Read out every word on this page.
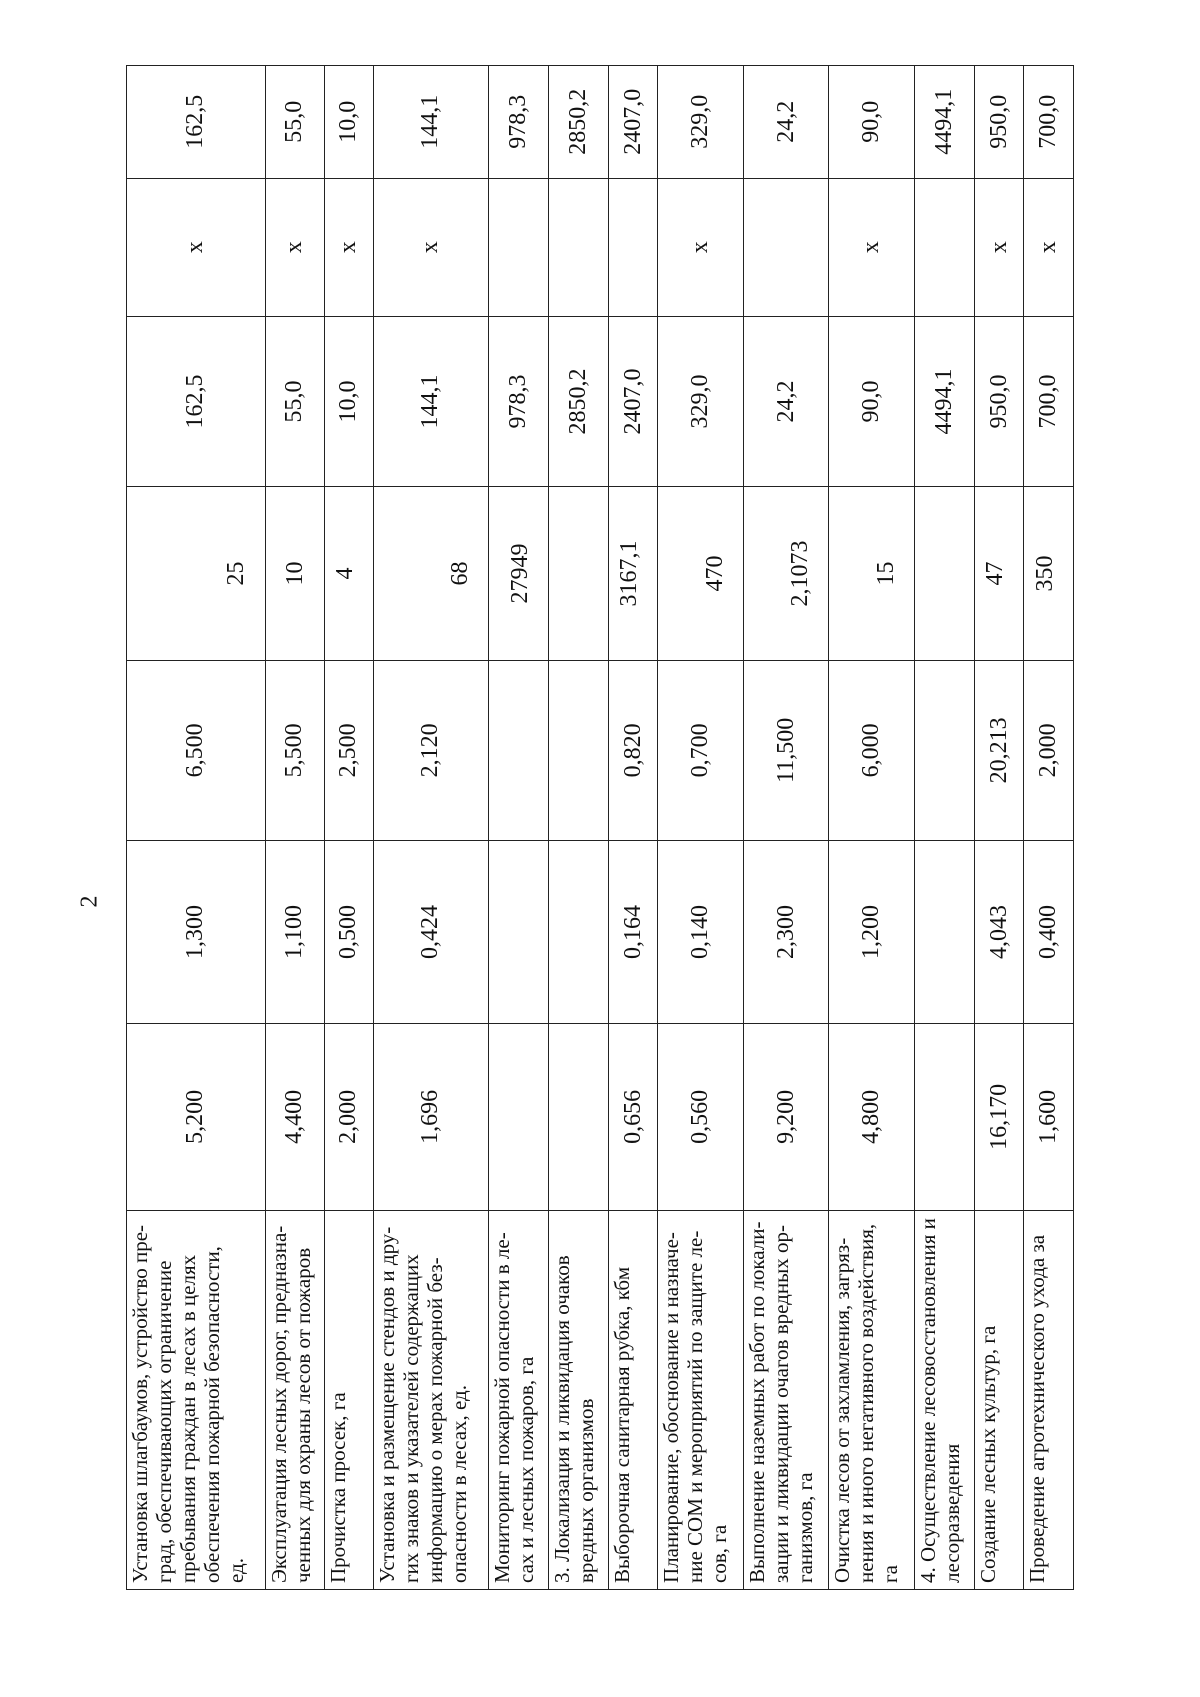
2
Установка шлагбаумов, устройство пре-град, обеспечивающих ограничение пребывания граждан в лесах в целях обеспечения пожарной безопасности, ед.	5,200	1,300	6,500	25	162,5	x	162,5
Эксплуатация лесных дорог, предназна-ченных для охраны лесов от пожаров	4,400	1,100	5,500	10	55,0	x	55,0
Прочистка просек, га	2,000	0,500	2,500	4	10,0	x	10,0
Установка и размещение стендов и дру-гих знаков и указателей содержащих информацию о мерах пожарной без-опасности в лесах, ед.	1,696	0,424	2,120	68	144,1	x	144,1
Мониторинг пожарной опасности в ле-сах и лесных пожаров, га				27949	978,3		978,3
3. Локализация и ликвидация очаков вредных организмов					2850,2		2850,2
Выборочная санитарная рубка, кбм	0,656	0,164	0,820	3167,1	2407,0		2407,0
Планирование, обоснование и назначе-ние СОМ и мероприятий по защите ле-сов, га	0,560	0,140	0,700	470	329,0	x	329,0
Выполнение наземных работ по локали-зации и ликвидации очагов вредных ор-ганизмов, га	9,200	2,300	11,500	2,1073	24,2		24,2
Очистка лесов от захламления, загряз-нения и иного негативного воздействия, га	4,800	1,200	6,000	15	90,0	x	90,0
4. Осуществление лесовосстановления и лесоразведения					4494,1		4494,1
Создание лесных культур, га	16,170	4,043	20,213	47	950,0	x	950,0
Проведение агротехнического ухода за	1,600	0,400	2,000	350	700,0	x	700,0
